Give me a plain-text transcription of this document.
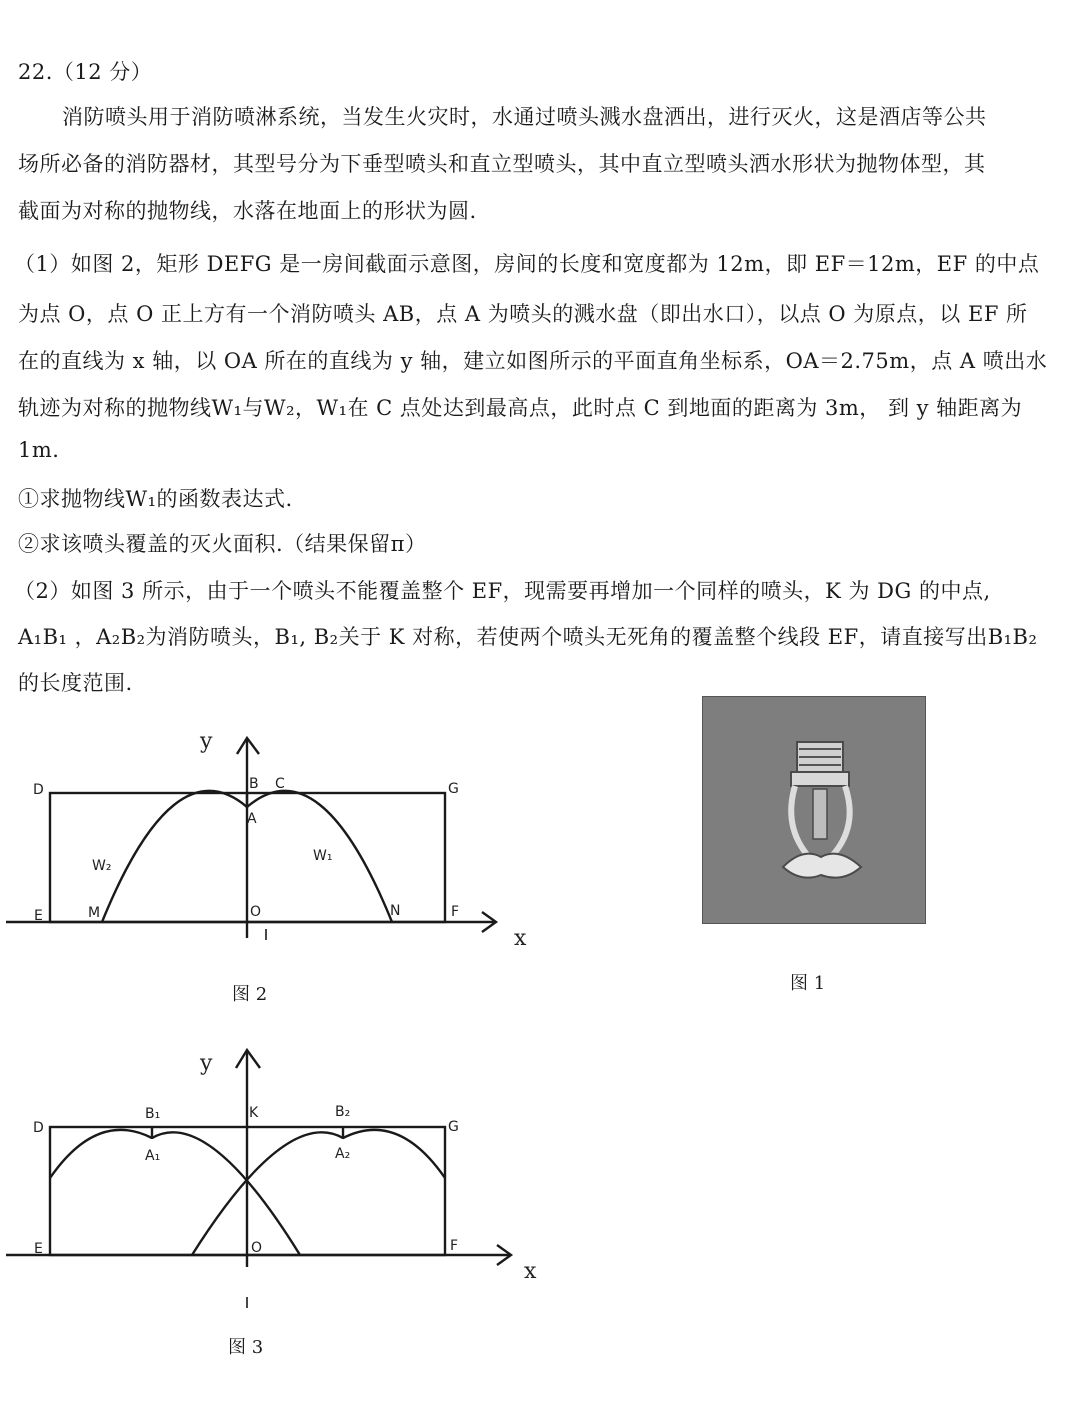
22.（12 分）
消防喷头用于消防喷淋系统，当发生火灾时，水通过喷头溅水盘洒出，进行灭火，这是酒店等公共
场所必备的消防器材，其型号分为下垂型喷头和直立型喷头，其中直立型喷头洒水形状为抛物体型，其
截面为对称的抛物线，水落在地面上的形状为圆.
（1）如图 2，矩形 DEFG 是一房间截面示意图，房间的长度和宽度都为 12m，即 EF＝12m，EF 的中点
为点 O，点 O 正上方有一个消防喷头 AB，点 A 为喷头的溅水盘（即出水口），以点 O 为原点，以 EF 所
在的直线为 x 轴，以 OA 所在的直线为 y 轴，建立如图所示的平面直角坐标系，OA＝2.75m，点 A 喷出水
轨迹为对称的抛物线W₁与W₂，W₁在 C 点处达到最高点，此时点 C 到地面的距离为 3m， 到 y 轴距离为
1m.
①求抛物线W₁的函数表达式.
②求该喷头覆盖的灭火面积.（结果保留π）
（2）如图 3 所示，由于一个喷头不能覆盖整个 EF，现需要再增加一个同样的喷头，K 为 DG 的中点,
A₁B₁ ，A₂B₂为消防喷头，B₁, B₂关于 K 对称，若使两个喷头无死角的覆盖整个线段 EF，请直接写出B₁B₂
的长度范围.
y
x
D	G
E	F
B C
A
O
M	N
W₁
W₂
图 2
图 1
y
x
D	G
E	F
K
O
B₁
A₁
B₂
A₂
图 3
